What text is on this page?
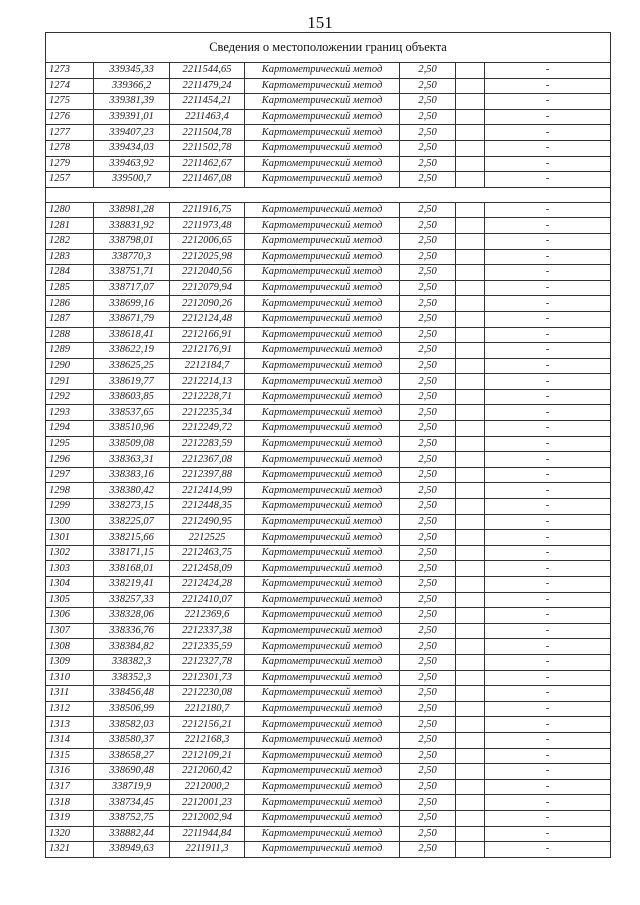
151
Сведения о местоположении границ объекта						
1273	339345,33	2211544,65	Картометрический метод	2,50		-
1274	339366,2	2211479,24	Картометрический метод	2,50		-
1275	339381,39	2211454,21	Картометрический метод	2,50		-
1276	339391,01	2211463,4	Картометрический метод	2,50		-
1277	339407,23	2211504,78	Картометрический метод	2,50		-
1278	339434,03	2211502,78	Картометрический метод	2,50		-
1279	339463,92	2211462,67	Картометрический метод	2,50		-
1257	339500,7	2211467,08	Картометрический метод	2,50		-

1280	338981,28	2211916,75	Картометрический метод	2,50		-
1281	338831,92	2211973,48	Картометрический метод	2,50		-
1282	338798,01	2212006,65	Картометрический метод	2,50		-
1283	338770,3	2212025,98	Картометрический метод	2,50		-
1284	338751,71	2212040,56	Картометрический метод	2,50		-
1285	338717,07	2212079,94	Картометрический метод	2,50		-
1286	338699,16	2212090,26	Картометрический метод	2,50		-
1287	338671,79	2212124,48	Картометрический метод	2,50		-
1288	338618,41	2212166,91	Картометрический метод	2,50		-
1289	338622,19	2212176,91	Картометрический метод	2,50		-
1290	338625,25	2212184,7	Картометрический метод	2,50		-
1291	338619,77	2212214,13	Картометрический метод	2,50		-
1292	338603,85	2212228,71	Картометрический метод	2,50		-
1293	338537,65	2212235,34	Картометрический метод	2,50		-
1294	338510,96	2212249,72	Картометрический метод	2,50		-
1295	338509,08	2212283,59	Картометрический метод	2,50		-
1296	338363,31	2212367,08	Картометрический метод	2,50		-
1297	338383,16	2212397,88	Картометрический метод	2,50		-
1298	338380,42	2212414,99	Картометрический метод	2,50		-
1299	338273,15	2212448,35	Картометрический метод	2,50		-
1300	338225,07	2212490,95	Картометрический метод	2,50		-
1301	338215,66	2212525	Картометрический метод	2,50		-
1302	338171,15	2212463,75	Картометрический метод	2,50		-
1303	338168,01	2212458,09	Картометрический метод	2,50		-
1304	338219,41	2212424,28	Картометрический метод	2,50		-
1305	338257,33	2212410,07	Картометрический метод	2,50		-
1306	338328,06	2212369,6	Картометрический метод	2,50		-
1307	338336,76	2212337,38	Картометрический метод	2,50		-
1308	338384,82	2212335,59	Картометрический метод	2,50		-
1309	338382,3	2212327,78	Картометрический метод	2,50		-
1310	338352,3	2212301,73	Картометрический метод	2,50		-
1311	338456,48	2212230,08	Картометрический метод	2,50		-
1312	338506,99	2212180,7	Картометрический метод	2,50		-
1313	338582,03	2212156,21	Картометрический метод	2,50		-
1314	338580,37	2212168,3	Картометрический метод	2,50		-
1315	338658,27	2212109,21	Картометрический метод	2,50		-
1316	338690,48	2212060,42	Картометрический метод	2,50		-
1317	338719,9	2212000,2	Картометрический метод	2,50		-
1318	338734,45	2212001,23	Картометрический метод	2,50		-
1319	338752,75	2212002,94	Картометрический метод	2,50		-
1320	338882,44	2211944,84	Картометрический метод	2,50		-
1321	338949,63	2211911,3	Картометрический метод	2,50		-
